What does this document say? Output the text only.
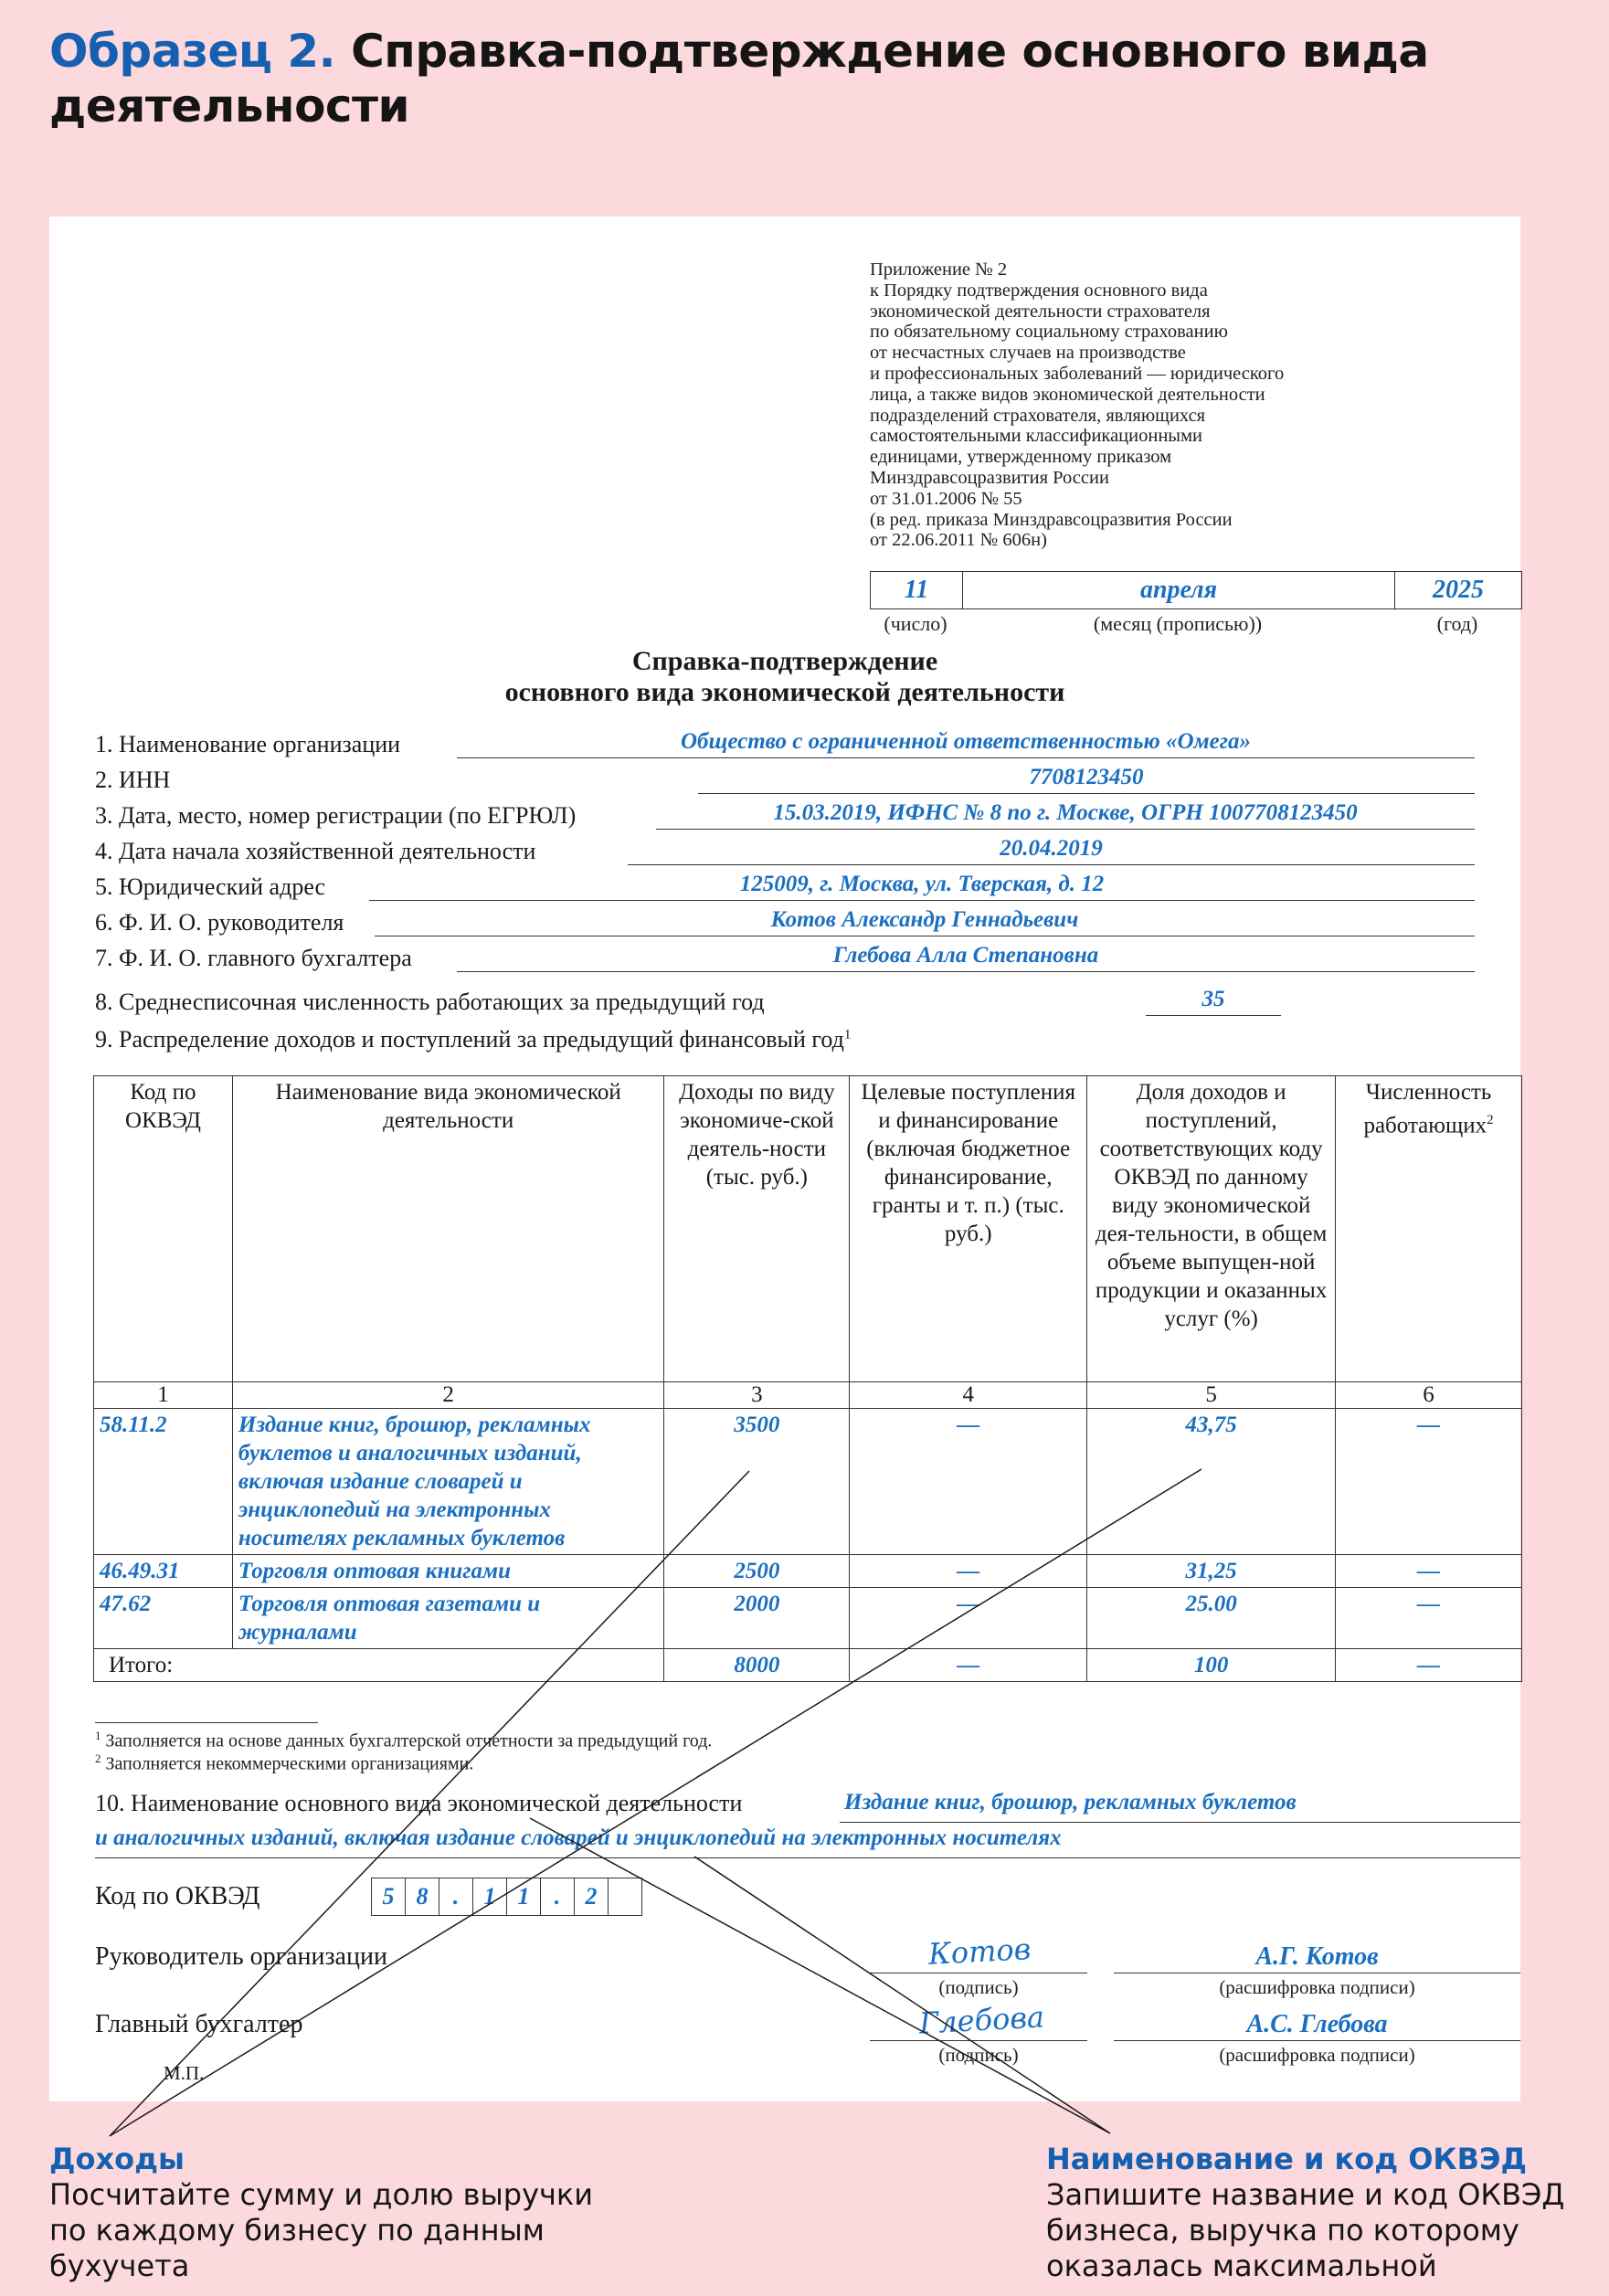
Образец 2. Справка-подтверждение основного вида деятельности
Приложение № 2
к Порядку подтверждения основного вида
экономической деятельности страхователя
по обязательному социальному страхованию
от несчастных случаев на производстве
и профессиональных заболеваний — юридического
лица, а также видов экономической деятельности
подразделений страхователя, являющихся
самостоятельными классификационными
единицами, утвержденному приказом
Минздравсоцразвития России
от 31.01.2006 № 55
(в ред. приказа Минздравсоцразвития России
от 22.06.2011 № 606н)
11	апреля	2025
(число)	(месяц (прописью))	(год)
Справка-подтверждение
основного вида экономической деятельности
1. Наименование организации	Общество с ограниченной ответственностью «Омега»
2. ИНН	7708123450
3. Дата, место, номер регистрации (по ЕГРЮЛ)	15.03.2019, ИФНС № 8 по г. Москве, ОГРН 1007708123450
4. Дата начала хозяйственной деятельности	20.04.2019
5. Юридический адрес	125009, г. Москва, ул. Тверская, д. 12
6. Ф. И. О. руководителя	Котов Александр Геннадьевич
7. Ф. И. О. главного бухгалтера	Глебова Алла Степановна
8. Среднесписочная численность работающих за предыдущий год	35
9. Распределение доходов и поступлений за предыдущий финансовый год$^1$
Код по ОКВЭД	Наименование вида экономической деятельности	Доходы по виду экономиче-ской деятель-ности (тыс. руб.)	Целевые поступления и финансирование (включая бюджетное финансирование, гранты и т. п.) (тыс. руб.)	Доля доходов и поступлений, соответствующих коду ОКВЭД по данному виду экономической дея-тельности, в общем объеме выпущен-ной продукции и оказанных услуг (%)	Численность работающих$^2$
1	2	3	4	5	6
58.11.2	Издание книг, брошюр, рекламных буклетов и аналогичных изданий, включая издание словарей и энциклопедий на электронных носителях рекламных буклетов	3500	—	43,75	—
46.49.31	Торговля оптовая книгами	2500	—	31,25	—
47.62	Торговля оптовая газетами и журналами	2000	—	25.00	—
Итого:		8000	—	100	—
$^1$ Заполняется на основе данных бухгалтерской отчетности за предыдущий год.
$^2$ Заполняется некоммерческими организациями.
10. Наименование основного вида экономической деятельности	Издание книг, брошюр, рекламных буклетов
и аналогичных изданий, включая издание словарей и энциклопедий на электронных носителях
Код по ОКВЭД	5 8	.	1 1	.	2
Руководитель организации	Котов	А.Г. Котов
(подпись)	(расшифровка подписи)
Главный бухгалтер	Глебова	А.С. Глебова
(подпись)	(расшифровка подписи)
М.П.
Доходы
Посчитайте сумму и долю выручки
по каждому бизнесу по данным
бухучета
Наименование и код ОКВЭД
Запишите название и код ОКВЭД
бизнеса, выручка по которому
оказалась максимальной
